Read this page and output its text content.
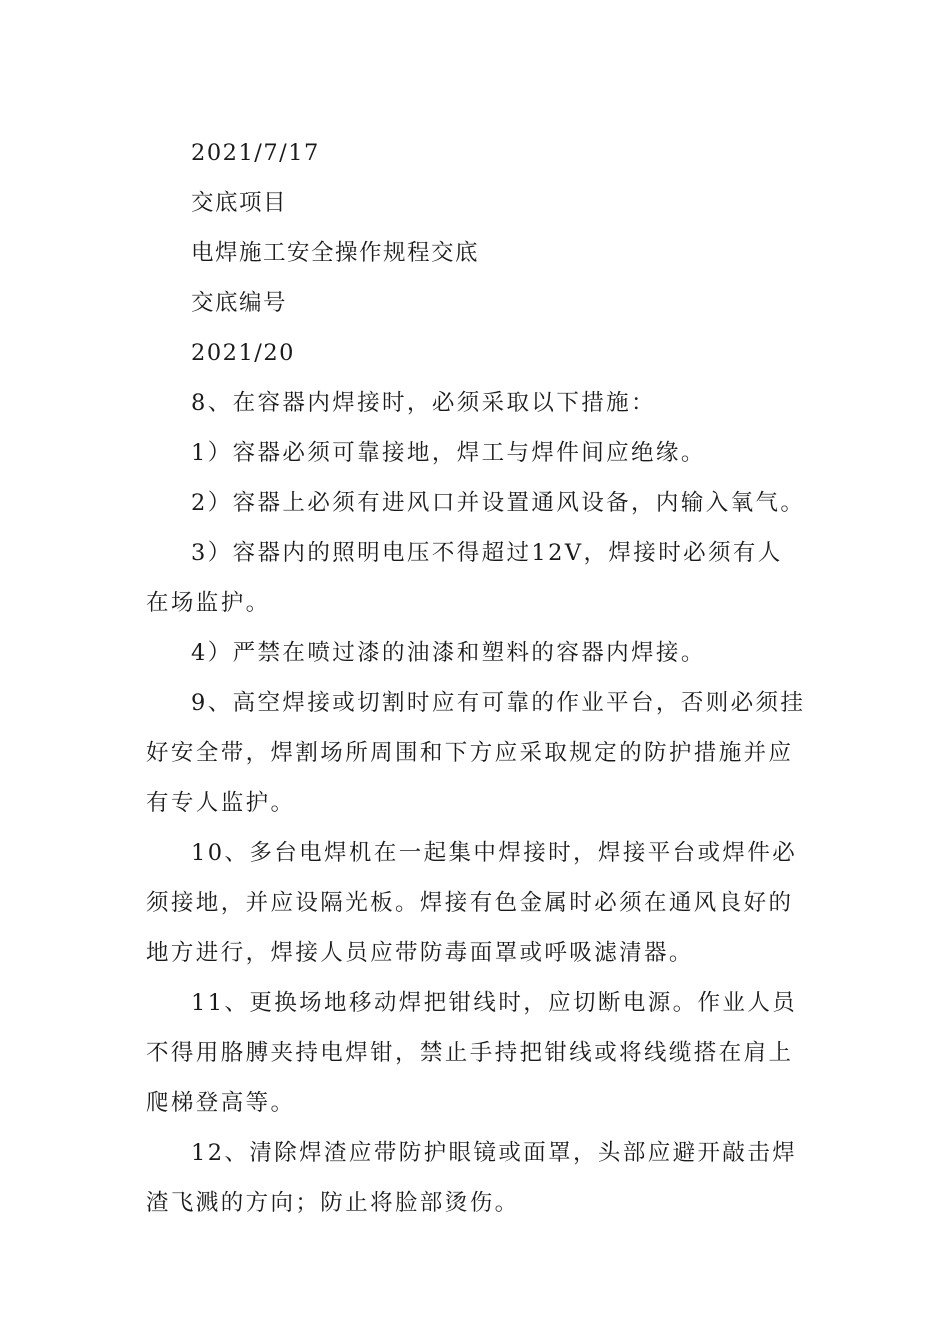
2021/7/17

交底项目

电焊施工安全操作规程交底

交底编号

2021/20

8、在容器内焊接时，必须采取以下措施：

1）容器必须可靠接地，焊工与焊件间应绝缘。

2）容器上必须有进风口并设置通风设备，内输入氧气。

3）容器内的照明电压不得超过12V，焊接时必须有人在场监护。

4）严禁在喷过漆的油漆和塑料的容器内焊接。

9、高空焊接或切割时应有可靠的作业平台，否则必须挂好安全带，焊割场所周围和下方应采取规定的防护措施并应有专人监护。

10、多台电焊机在一起集中焊接时，焊接平台或焊件必须接地，并应设隔光板。焊接有色金属时必须在通风良好的地方进行，焊接人员应带防毒面罩或呼吸滤清器。

11、更换场地移动焊把钳线时，应切断电源。作业人员不得用胳膊夹持电焊钳，禁止手持把钳线或将线缆搭在肩上爬梯登高等。

12、清除焊渣应带防护眼镜或面罩，头部应避开敲击焊渣飞溅的方向；防止将脸部烫伤。
